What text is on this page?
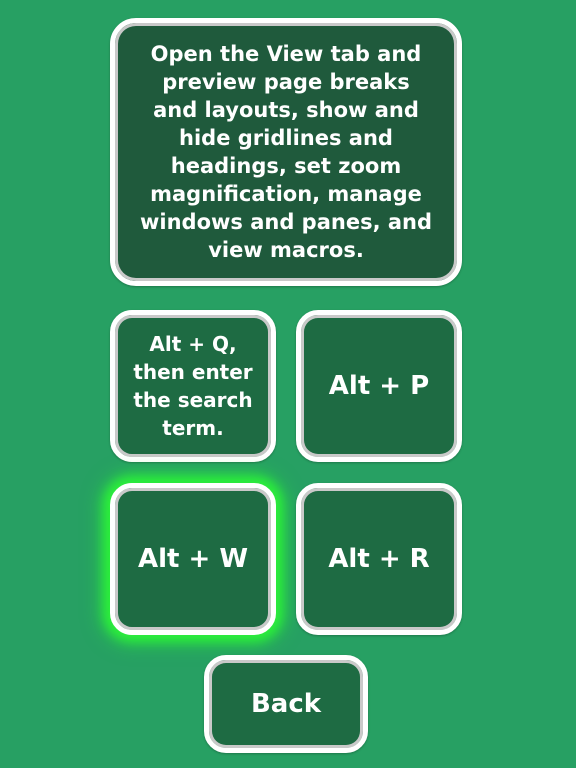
Open the View tab and preview page breaks and layouts, show and hide gridlines and headings, set zoom magnification, manage windows and panes, and view macros.
Alt + Q, then enter the search term.
Alt + P
Alt + W	Alt + R
Back
